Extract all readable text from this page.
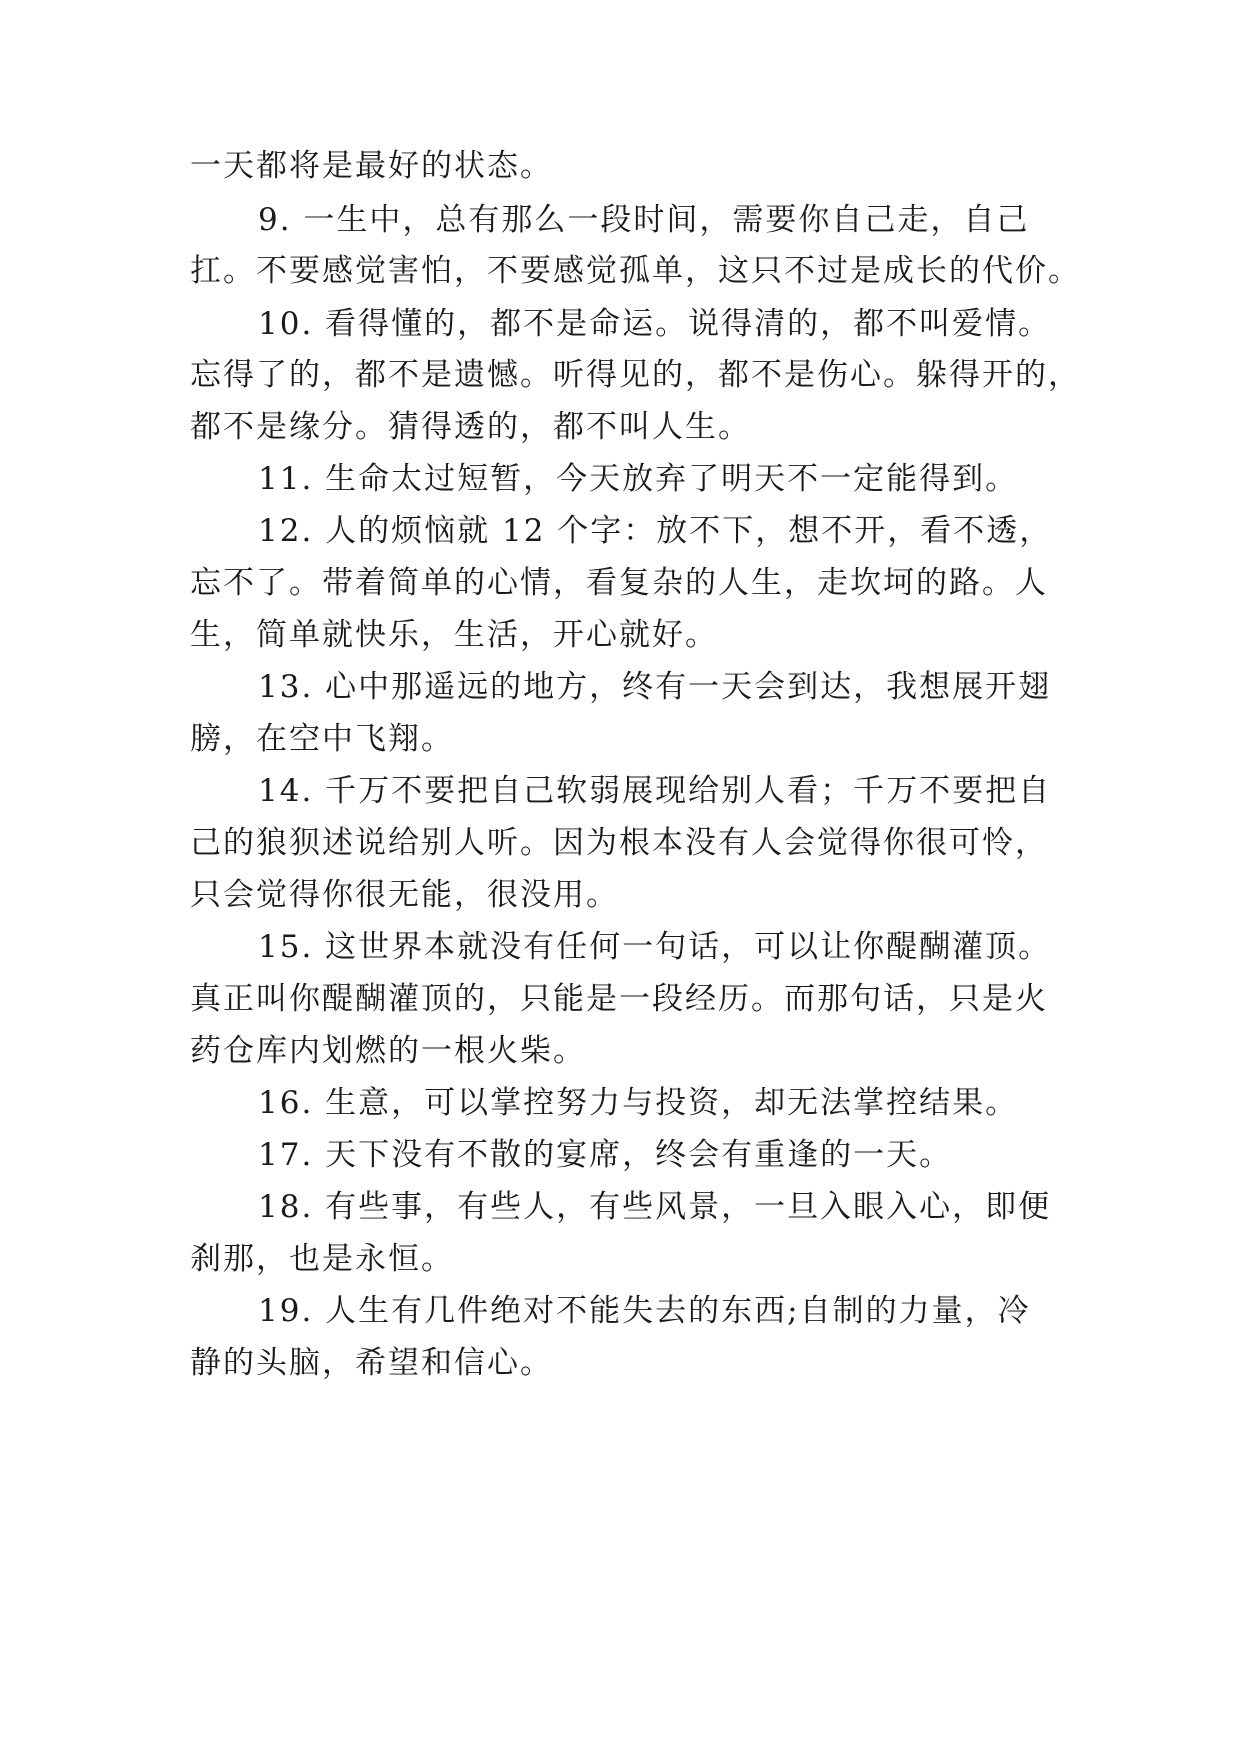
一天都将是最好的状态。
9. 一生中，总有那么一段时间，需要你自己走，自己
扛。不要感觉害怕，不要感觉孤单，这只不过是成长的代价。
10. 看得懂的，都不是命运。说得清的，都不叫爱情。
忘得了的，都不是遗憾。听得见的，都不是伤心。躲得开的，
都不是缘分。猜得透的，都不叫人生。
11. 生命太过短暂，今天放弃了明天不一定能得到。
12. 人的烦恼就 12 个字：放不下，想不开，看不透，
忘不了。带着简单的心情，看复杂的人生，走坎坷的路。人
生，简单就快乐，生活，开心就好。
13. 心中那遥远的地方，终有一天会到达，我想展开翅
膀，在空中飞翔。
14. 千万不要把自己软弱展现给别人看；千万不要把自
己的狼狈述说给别人听。因为根本没有人会觉得你很可怜，
只会觉得你很无能，很没用。
15. 这世界本就没有任何一句话，可以让你醍醐灌顶。
真正叫你醍醐灌顶的，只能是一段经历。而那句话，只是火
药仓库内划燃的一根火柴。
16. 生意，可以掌控努力与投资，却无法掌控结果。
17. 天下没有不散的宴席，终会有重逢的一天。
18. 有些事，有些人，有些风景，一旦入眼入心，即便
刹那，也是永恒。
19. 人生有几件绝对不能失去的东西;自制的力量，冷
静的头脑，希望和信心。
